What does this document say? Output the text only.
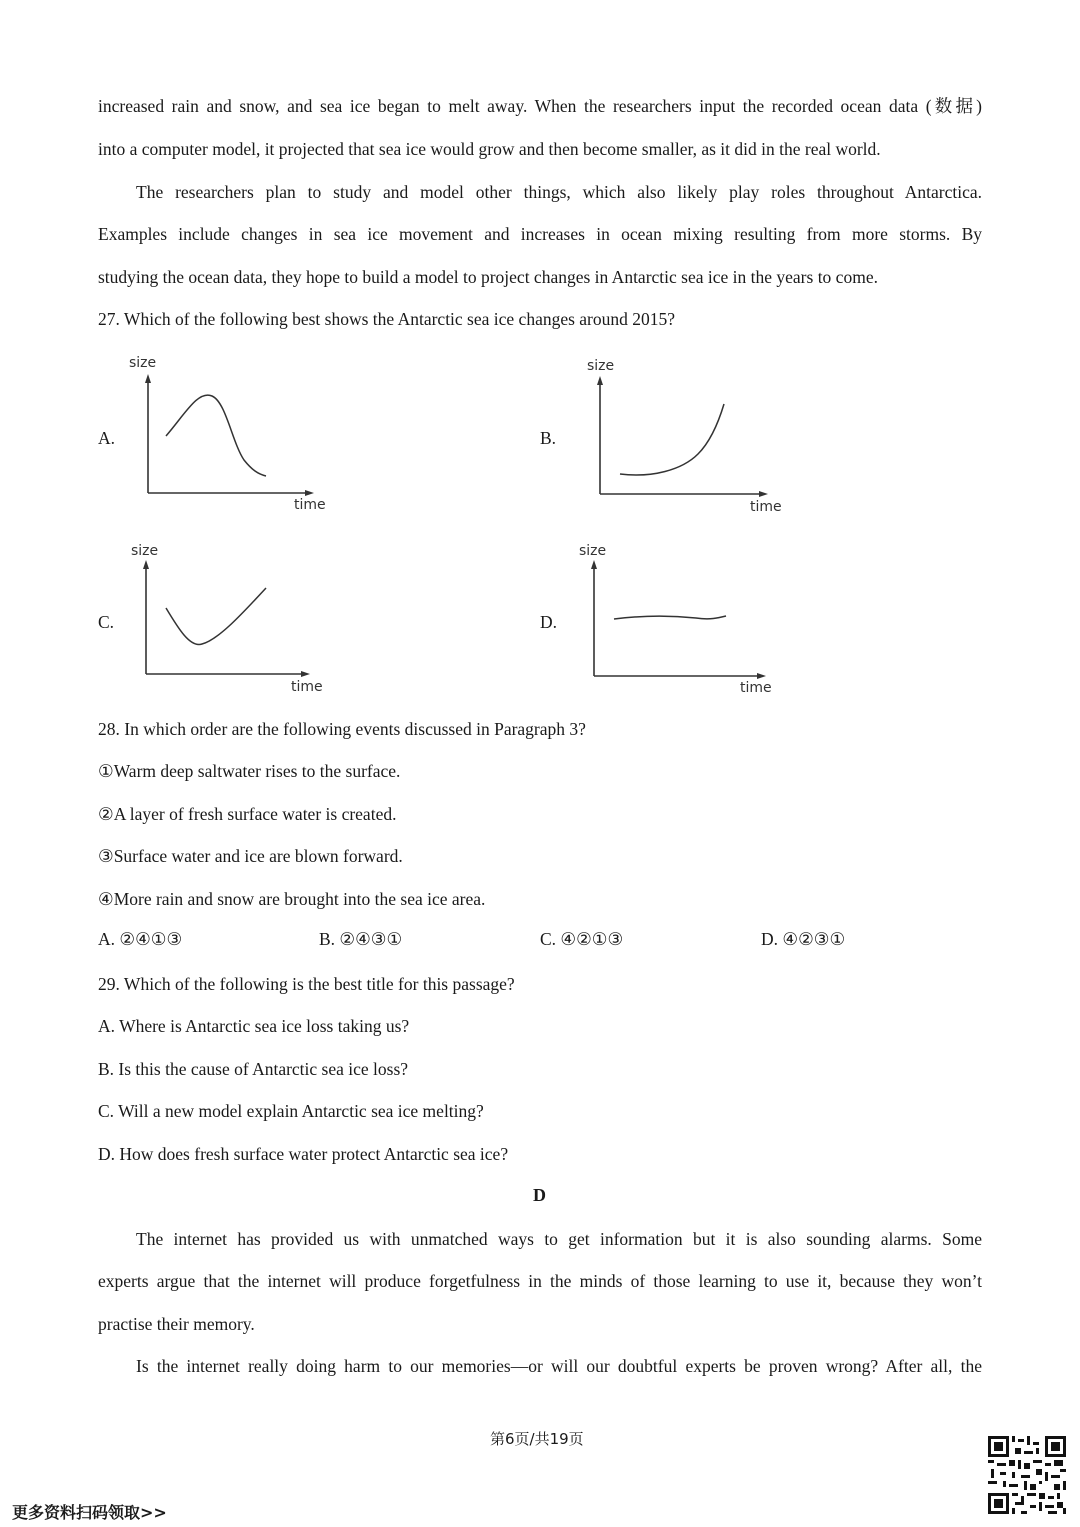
increased rain and snow, and sea ice began to melt away. When the researchers input the recorded ocean data (数据)
into a computer model, it projected that sea ice would grow and then become smaller, as it did in the real world.
The researchers plan to study and model other things, which also likely play roles throughout Antarctica.
Examples include changes in sea ice movement and increases in ocean mixing resulting from more storms. By
studying the ocean data, they hope to build a model to project changes in Antarctic sea ice in the years to come.
27. Which of the following best shows the Antarctic sea ice changes around 2015?
A.
size
time
B.
size
time
C.
size
time
D.
size
time
28. In which order are the following events discussed in Paragraph 3?
①Warm deep saltwater rises to the surface.
②A layer of fresh surface water is created.
③Surface water and ice are blown forward.
④More rain and snow are brought into the sea ice area.
A. ②④①③	B. ②④③①	C. ④②①③	D. ④②③①
29. Which of the following is the best title for this passage?
A. Where is Antarctic sea ice loss taking us?
B. Is this the cause of Antarctic sea ice loss?
C. Will a new model explain Antarctic sea ice melting?
D. How does fresh surface water protect Antarctic sea ice?
D
The internet has provided us with unmatched ways to get information but it is also sounding alarms. Some
experts argue that the internet will produce forgetfulness in the minds of those learning to use it, because they won’t
practise their memory.
Is the internet really doing harm to our memories—or will our doubtful experts be proven wrong? After all, the
第6页/共19页
更多资料扫码领取>>
